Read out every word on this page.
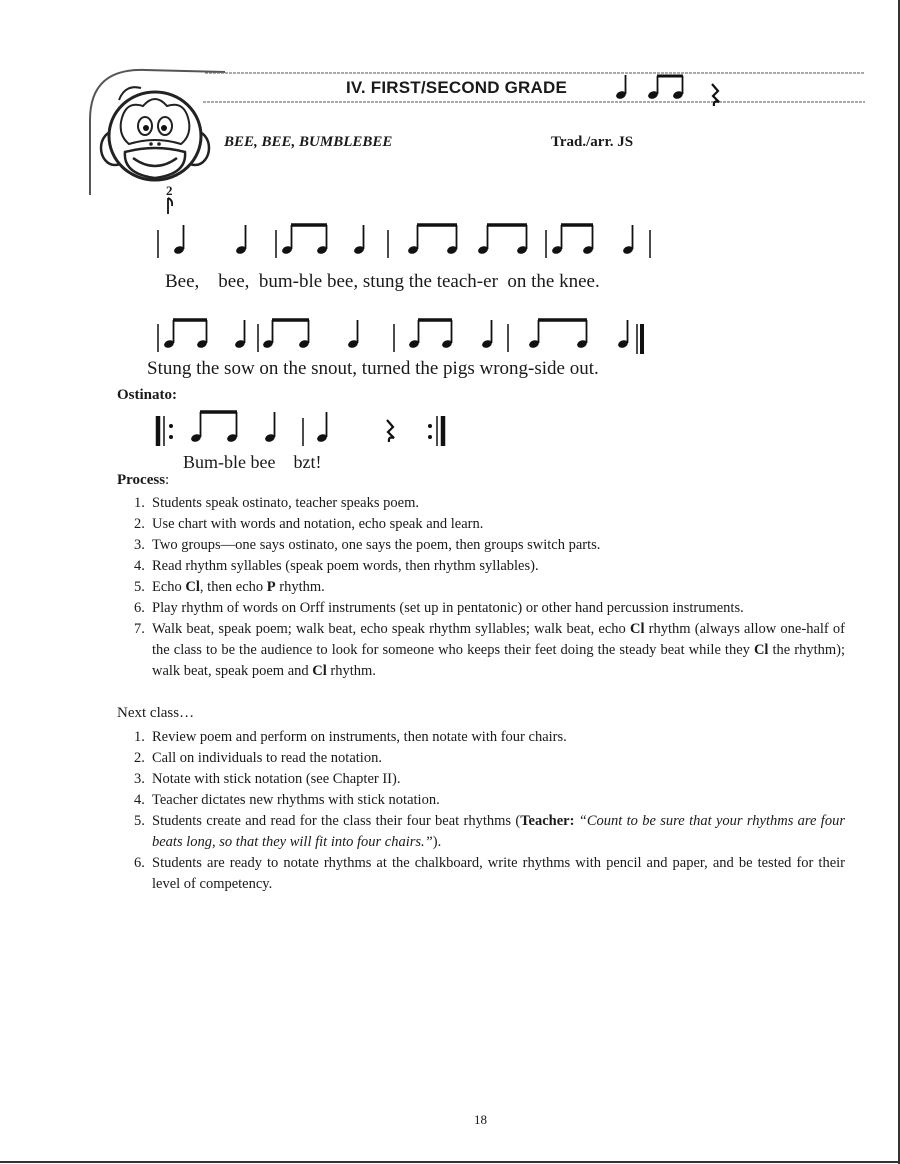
IV. FIRST/SECOND GRADE
BEE, BEE, BUMBLEBEE	Trad./arr. JS
2
Bee,    bee,  bum-ble bee, stung the teach-er  on the knee.
Stung the sow on the snout, turned the pigs wrong-side out.
Ostinato:
Bum-ble bee    bzt!
Process:
1. Students speak ostinato, teacher speaks poem.
2. Use chart with words and notation, echo speak and learn.
3. Two groups—one says ostinato, one says the poem, then groups switch parts.
4. Read rhythm syllables (speak poem words, then rhythm syllables).
5. Echo Cl, then echo P rhythm.
6. Play rhythm of words on Orff instruments (set up in pentatonic) or other hand percussion instruments.
7. Walk beat, speak poem; walk beat, echo speak rhythm syllables; walk beat, echo Cl rhythm (always allow one-half of the class to be the audience to look for someone who keeps their feet doing the steady beat while they Cl the rhythm); walk beat, speak poem and Cl rhythm.
Next class…
1. Review poem and perform on instruments, then notate with four chairs.
2. Call on individuals to read the notation.
3. Notate with stick notation (see Chapter II).
4. Teacher dictates new rhythms with stick notation.
5. Students create and read for the class their four beat rhythms (Teacher: “Count to be sure that your rhythms are four beats long, so that they will fit into four chairs.”).
6. Students are ready to notate rhythms at the chalkboard, write rhythms with pencil and paper, and be tested for their level of competency.
18
